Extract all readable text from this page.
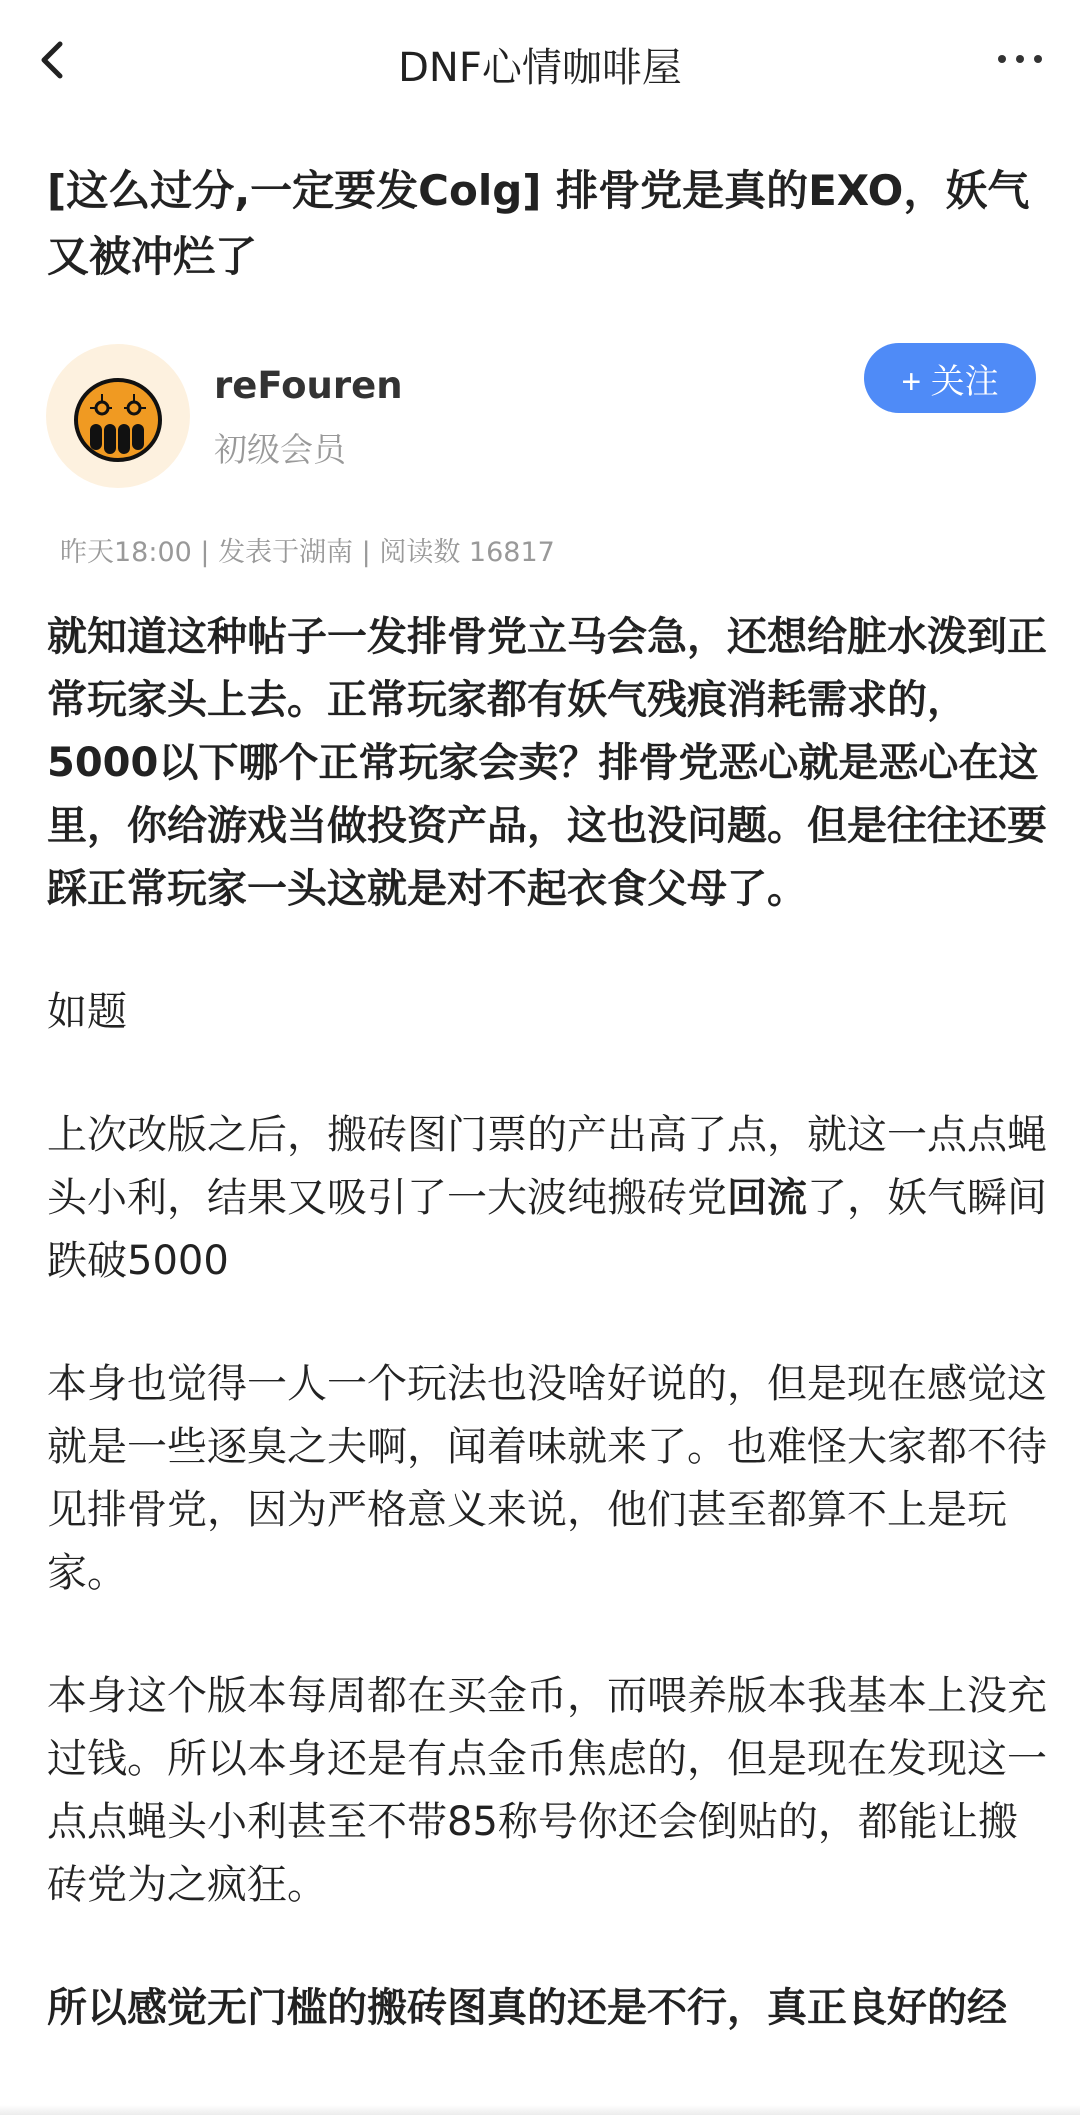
DNF心情咖啡屋
[这么过分,一定要发Colg] 排骨党是真的EXO，妖气又被冲烂了
reFouren
初级会员
+ 关注
昨天18:00 | 发表于湖南 | 阅读数 16817

就知道这种帖子一发排骨党立马会急，还想给脏水泼到正常玩家头上去。正常玩家都有妖气残痕消耗需求的，5000以下哪个正常玩家会卖？排骨党恶心就是恶心在这里，你给游戏当做投资产品，这也没问题。但是往往还要踩正常玩家一头这就是对不起衣食父母了。

如题

上次改版之后，搬砖图门票的产出高了点，就这一点点蝇头小利，结果又吸引了一大波纯搬砖党回流了，妖气瞬间跌破5000

本身也觉得一人一个玩法也没啥好说的，但是现在感觉这就是一些逐臭之夫啊，闻着味就来了。也难怪大家都不待见排骨党，因为严格意义来说，他们甚至都算不上是玩家。

本身这个版本每周都在买金币，而喂养版本我基本上没充过钱。所以本身还是有点金币焦虑的，但是现在发现这一点点蝇头小利甚至不带85称号你还会倒贴的，都能让搬砖党为之疯狂。

所以感觉无门槛的搬砖图真的还是不行，真正良好的经
